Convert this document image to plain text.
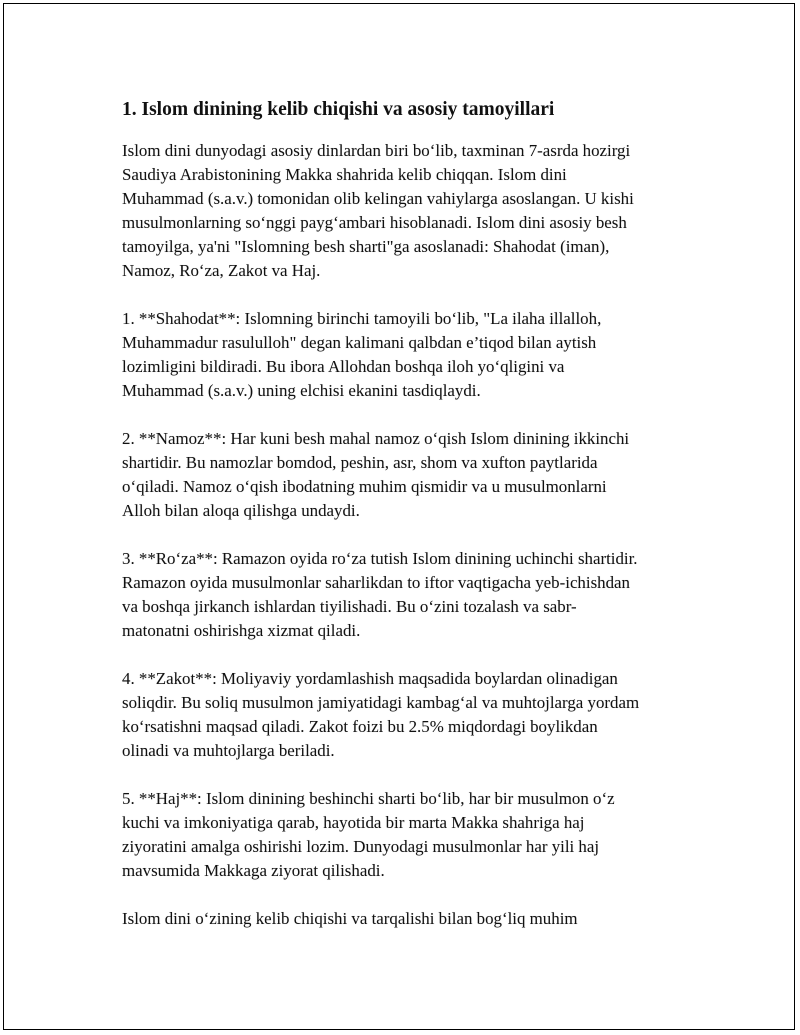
1. Islom dinining kelib chiqishi va asosiy tamoyillari
Islom dini dunyodagi asosiy dinlardan biri bo‘lib, taxminan 7-asrda hozirgi
Saudiya Arabistonining Makka shahrida kelib chiqqan. Islom dini
Muhammad (s.a.v.) tomonidan olib kelingan vahiylarga asoslangan. U kishi
musulmonlarning so‘nggi payg‘ambari hisoblanadi. Islom dini asosiy besh
tamoyilga, ya'ni "Islomning besh sharti"ga asoslanadi: Shahodat (iman),
Namoz, Ro‘za, Zakot va Haj.
1. **Shahodat**: Islomning birinchi tamoyili bo‘lib, "La ilaha illalloh,
Muhammadur rasululloh" degan kalimani qalbdan e’tiqod bilan aytish
lozimligini bildiradi. Bu ibora Allohdan boshqa iloh yo‘qligini va
Muhammad (s.a.v.) uning elchisi ekanini tasdiqlaydi.
2. **Namoz**: Har kuni besh mahal namoz o‘qish Islom dinining ikkinchi
shartidir. Bu namozlar bomdod, peshin, asr, shom va xufton paytlarida
o‘qiladi. Namoz o‘qish ibodatning muhim qismidir va u musulmonlarni
Alloh bilan aloqa qilishga undaydi.
3. **Ro‘za**: Ramazon oyida ro‘za tutish Islom dinining uchinchi shartidir.
Ramazon oyida musulmonlar saharlikdan to iftor vaqtigacha yeb-ichishdan
va boshqa jirkanch ishlardan tiyilishadi. Bu o‘zini tozalash va sabr-
matonatni oshirishga xizmat qiladi.
4. **Zakot**: Moliyaviy yordamlashish maqsadida boylardan olinadigan
soliqdir. Bu soliq musulmon jamiyatidagi kambag‘al va muhtojlarga yordam
ko‘rsatishni maqsad qiladi. Zakot foizi bu 2.5% miqdordagi boylikdan
olinadi va muhtojlarga beriladi.
5. **Haj**: Islom dinining beshinchi sharti bo‘lib, har bir musulmon o‘z
kuchi va imkoniyatiga qarab, hayotida bir marta Makka shahriga haj
ziyoratini amalga oshirishi lozim. Dunyodagi musulmonlar har yili haj
mavsumida Makkaga ziyorat qilishadi.
Islom dini o‘zining kelib chiqishi va tarqalishi bilan bog‘liq muhim
